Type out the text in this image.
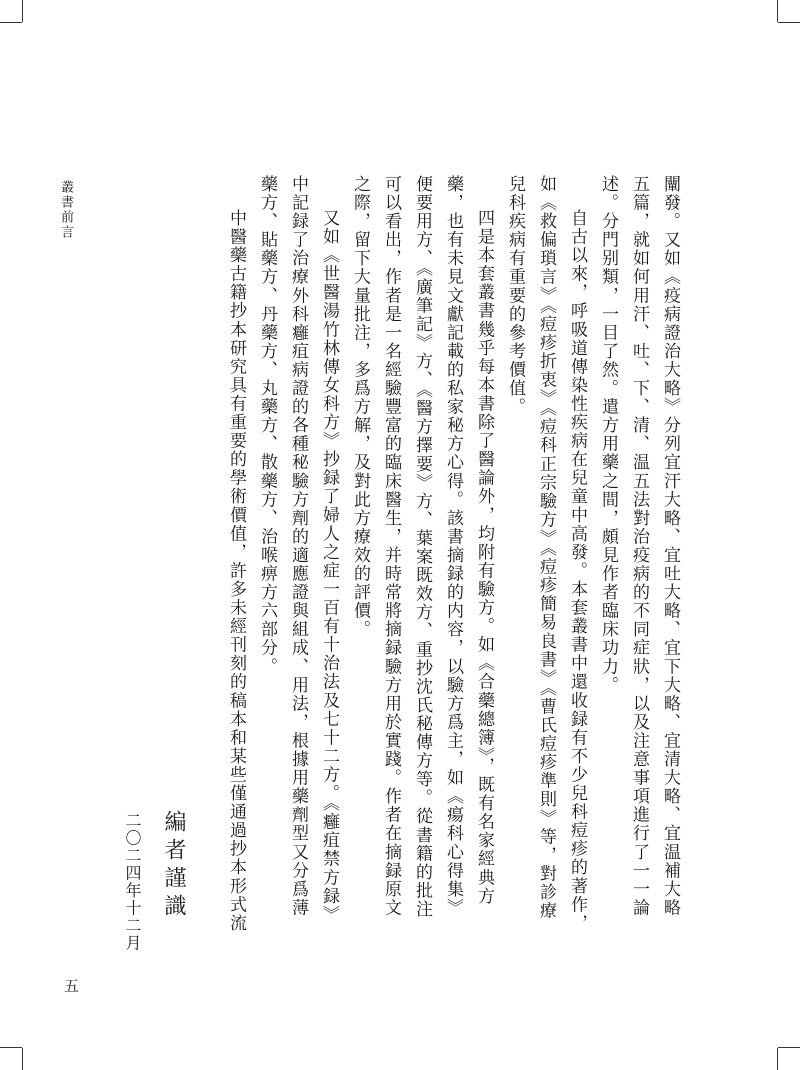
叢書前言	闡發。又如《疫病證治大略》分列宜汗大略、宜吐大略、宜下大略、宜清大略、宜温補大略五篇，就如何用汗、吐、下、清、温五法對治疫病的不同症狀，以及注意事項進行了一一論述。分門别類，一目了然。遣方用藥之間，頗見作者臨床功力。

自古以來，呼吸道傳染性疾病在兒童中高發。本套叢書中還收録有不少兒科痘疹的著作，如《救偏瑣言》《痘疹折衷》《痘科正宗驗方》《痘疹簡易良書》《曹氏痘疹準則》等，對診療兒科疾病有重要的參考價值。

四是本套叢書幾乎每本書除了醫論外，均附有驗方。如《合藥總簿》，既有名家經典方藥，也有未見文獻記載的私家秘方心得。該書摘録的内容，以驗方爲主，如《瘍科心得集》便要用方、《廣筆記》方、《醫方擇要》方、葉案既效方、重抄沈氏秘傳方等。從書籍的批注可以看出，作者是一名經驗豐富的臨床醫生，并時常將摘録驗方用於實踐。作者在摘録原文之際，留下大量批注，多爲方解，及對此方療效的評價。

又如《世醫湯竹林傳女科方》抄録了婦人之症一百有十治法及七十二方。《癰疽禁方録》中記録了治療外科癰疽病證的各種秘驗方劑的適應證與組成、用法，根據用藥劑型又分爲薄藥方、貼藥方、丹藥方、丸藥方、散藥方、治喉痹方六部分。

中醫藥古籍抄本研究具有重要的學術價值，許多未經刊刻的稿本和某些僅通過抄本形式流

編者謹識
二〇二四年十二月
五
